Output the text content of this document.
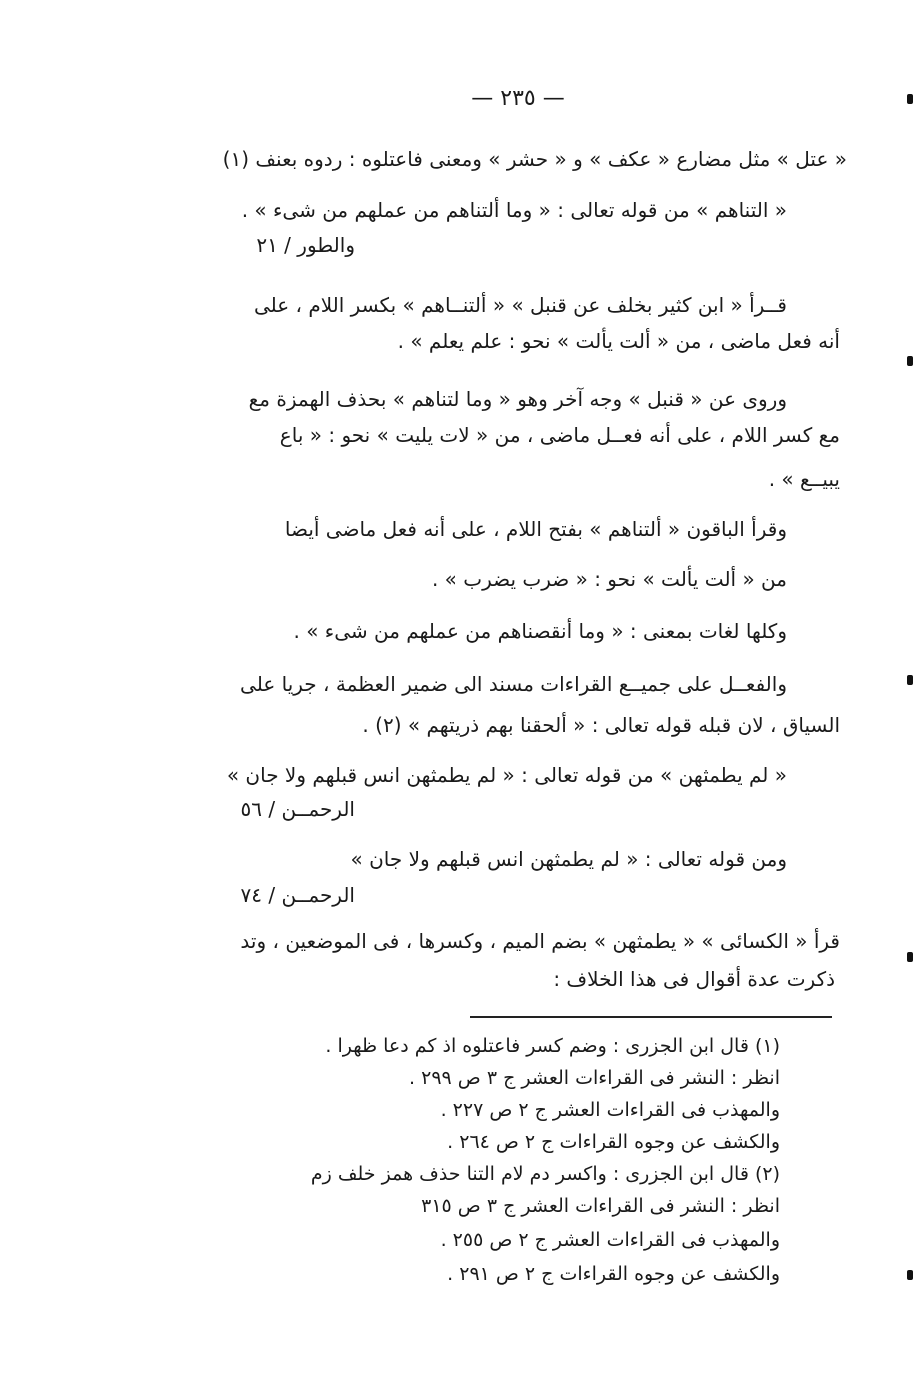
— ٢٣٥ —
« عتل » مثل مضارع « عكف » و « حشر » ومعنى فاعتلوه : ردوه بعنف (١)
« التناهم » من قوله تعالى : « وما ألتناهم من عملهم من شىء » .
والطور / ٢١
قــرأ « ابن كثير بخلف عن قنبل » « ألتنــاهم » بكسر اللام ، على
أنه فعل ماضى ، من « ألت يألت » نحو : علم يعلم » .
وروى عن « قنبل » وجه آخر وهو « وما لتناهم » بحذف الهمزة مع
مع كسر اللام ، على أنه فعــل ماضى ، من « لات يليت » نحو : « باع
يبيــع » .
وقرأ الباقون « ألتناهم » بفتح اللام ، على أنه فعل ماضى أيضا
من « ألت يألت » نحو : « ضرب يضرب » .
وكلها لغات بمعنى : « وما أنقصناهم من عملهم من شىء » .
والفعــل على جميــع القراءات مسند الى ضمير العظمة ، جريا على
السياق ، لان قبله قوله تعالى : « ألحقنا بهم ذريتهم » (٢) .
« لم يطمثهن » من قوله تعالى : « لم يطمثهن انس قبلهم ولا جان »
الرحمــن / ٥٦
ومن قوله تعالى : « لم يطمثهن انس قبلهم ولا جان »
الرحمــن / ٧٤
قرأ « الكسائى » « يطمثهن » بضم الميم ، وكسرها ، فى الموضعين ، وتد
ذكرت عدة أقوال فى هذا الخلاف :
(١) قال ابن الجزرى : وضم كسر فاعتلوه اذ كم دعا ظهرا .
انظر : النشر فى القراءات العشر ج ٣ ص ٢٩٩ .
والمهذب فى القراءات العشر ج ٢ ص ٢٢٧ .
والكشف عن وجوه القراءات ج ٢ ص ٢٦٤ .
(٢) قال ابن الجزرى : واكسر دم لام التنا حذف همز خلف زم
انظر : النشر فى القراءات العشر ج ٣ ص ٣١٥
والمهذب فى القراءات العشر ج ٢ ص ٢٥٥ .
والكشف عن وجوه القراءات ج ٢ ص ٢٩١ .
